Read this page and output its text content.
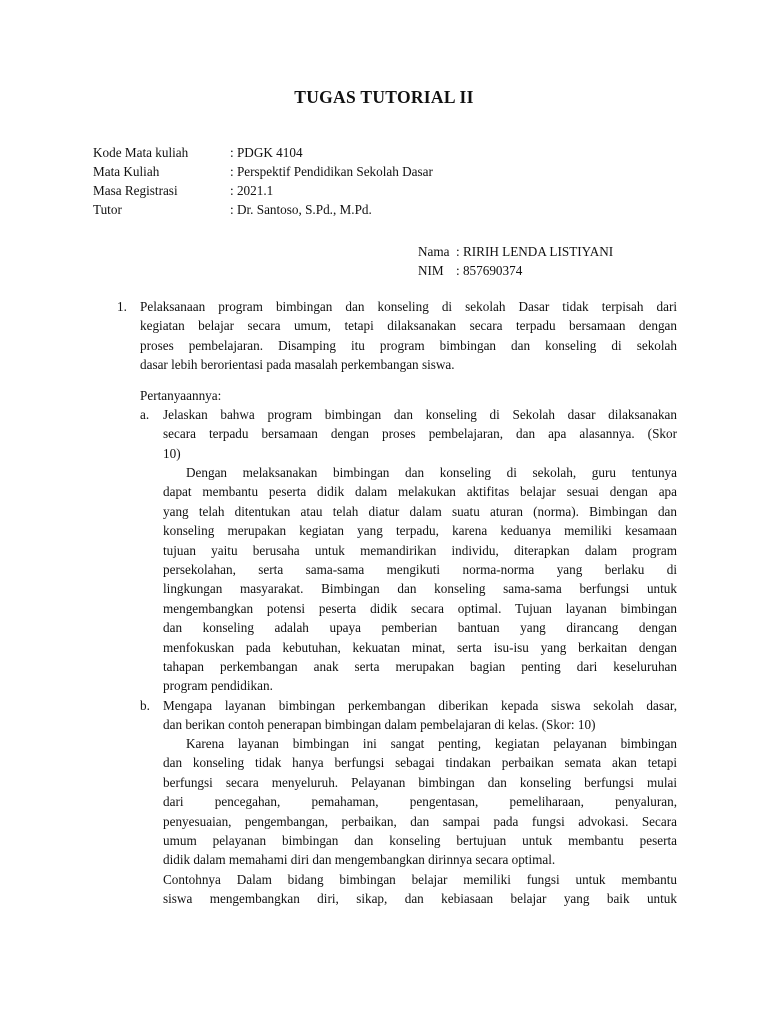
TUGAS TUTORIAL II
Kode Mata kuliah	: PDGK 4104
Mata Kuliah	: Perspektif Pendidikan Sekolah Dasar
Masa Registrasi	: 2021.1
Tutor	: Dr. Santoso, S.Pd., M.Pd.
Nama : RIRIH LENDA LISTIYANI
NIM : 857690374
1. Pelaksanaan program bimbingan dan konseling di sekolah Dasar tidak terpisah dari
kegiatan belajar secara umum, tetapi dilaksanakan secara terpadu bersamaan dengan
proses pembelajaran. Disamping itu program bimbingan dan konseling di sekolah
dasar lebih berorientasi pada masalah perkembangan siswa.
Pertanyaannya:
a. Jelaskan bahwa program bimbingan dan konseling di Sekolah dasar dilaksanakan
secara terpadu bersamaan dengan proses pembelajaran, dan apa alasannya. (Skor
10)
Dengan melaksanakan bimbingan dan konseling di sekolah, guru tentunya
dapat membantu peserta didik dalam melakukan aktifitas belajar sesuai dengan apa
yang telah ditentukan atau telah diatur dalam suatu aturan (norma). Bimbingan dan
konseling merupakan kegiatan yang terpadu, karena keduanya memiliki kesamaan
tujuan yaitu berusaha untuk memandirikan individu, diterapkan dalam program
persekolahan, serta sama-sama mengikuti norma-norma yang berlaku di
lingkungan masyarakat. Bimbingan dan konseling sama-sama berfungsi untuk
mengembangkan potensi peserta didik secara optimal. Tujuan layanan bimbingan
dan konseling adalah upaya pemberian bantuan yang dirancang dengan
menfokuskan pada kebutuhan, kekuatan minat, serta isu-isu yang berkaitan dengan
tahapan perkembangan anak serta merupakan bagian penting dari keseluruhan
program pendidikan.
b. Mengapa layanan bimbingan perkembangan diberikan kepada siswa sekolah dasar,
dan berikan contoh penerapan bimbingan dalam pembelajaran di kelas. (Skor: 10)
Karena layanan bimbingan ini sangat penting, kegiatan pelayanan bimbingan
dan konseling tidak hanya berfungsi sebagai tindakan perbaikan semata akan tetapi
berfungsi secara menyeluruh. Pelayanan bimbingan dan konseling berfungsi mulai
dari pencegahan, pemahaman, pengentasan, pemeliharaan, penyaluran,
penyesuaian, pengembangan, perbaikan, dan sampai pada fungsi advokasi. Secara
umum pelayanan bimbingan dan konseling bertujuan untuk membantu peserta
didik dalam memahami diri dan mengembangkan dirinnya secara optimal.
Contohnya Dalam bidang bimbingan belajar memiliki fungsi untuk membantu
siswa mengembangkan diri, sikap, dan kebiasaan belajar yang baik untuk
